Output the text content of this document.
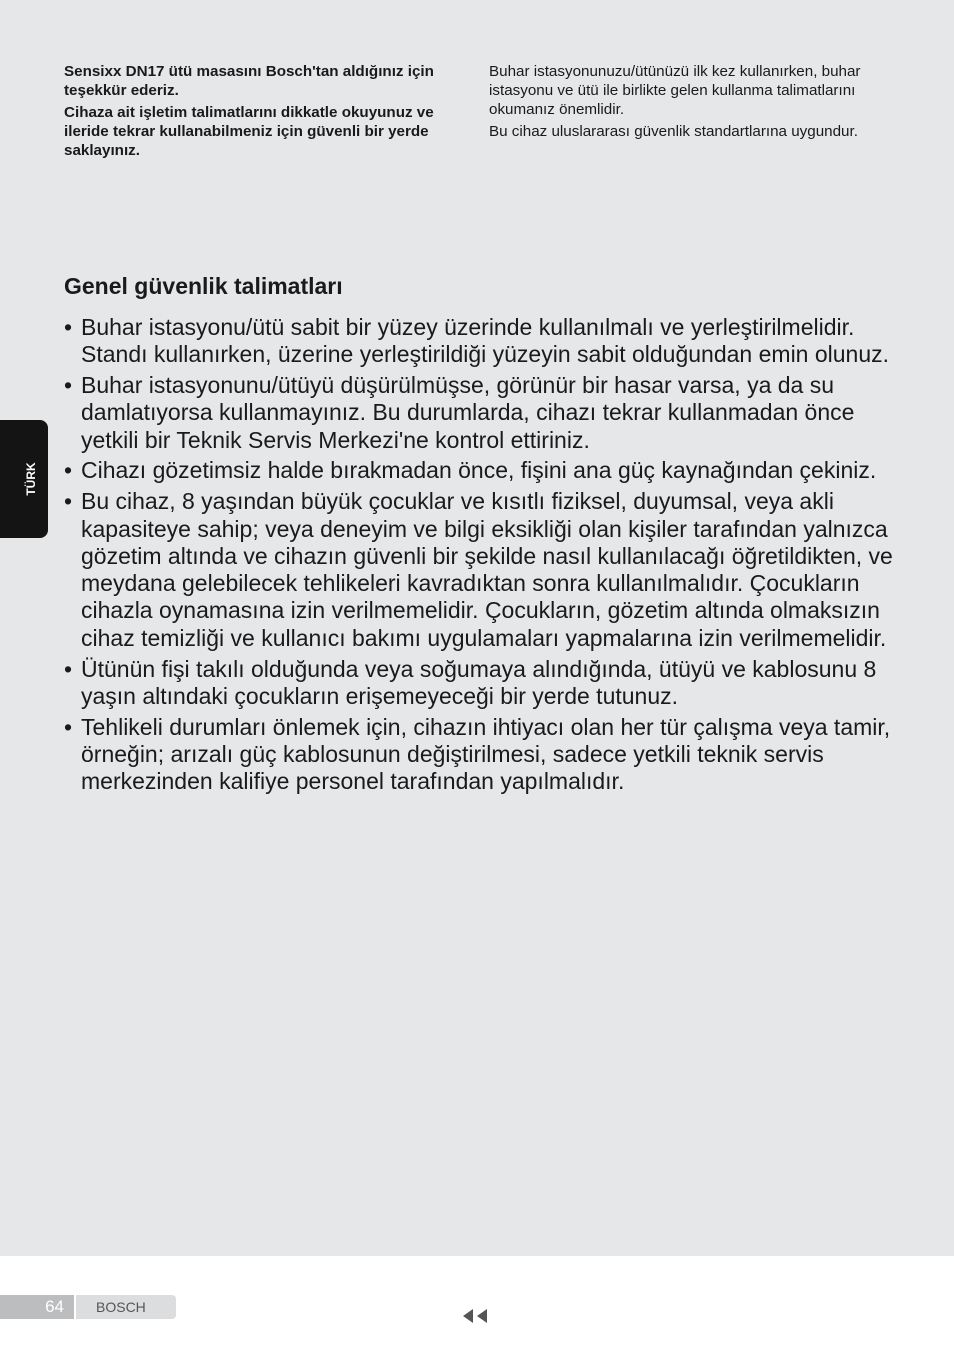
Sensixx DN17 ütü masasını Bosch'tan aldığınız için teşekkür ederiz.

Cihaza ait işletim talimatlarını dikkatle okuyunuz ve ileride tekrar kullanabilmeniz için güvenli bir yerde saklayınız.

Buhar istasyonunuzu/ütünüzü ilk kez kullanırken, buhar istasyonu ve ütü ile birlikte gelen kullanma talimatlarını okumanız önemlidir.

Bu cihaz uluslararası güvenlik standartlarına uygundur.

Genel güvenlik talimatları
• Buhar istasyonu/ütü sabit bir yüzey üzerinde kullanılmalı ve yerleştirilmelidir. Standı kullanırken, üzerine yerleştirildiği yüzeyin sabit olduğundan emin olunuz.
• Buhar istasyonunu/ütüyü düşürülmüşse, görünür bir hasar varsa, ya da su damlatıyorsa kullanmayınız. Bu durumlarda, cihazı tekrar kullanmadan önce yetkili bir Teknik Servis Merkezi'ne kontrol ettiriniz.
• Cihazı gözetimsiz halde bırakmadan önce, fişini ana güç kaynağından çekiniz.
• Bu cihaz, 8 yaşından büyük çocuklar ve kısıtlı fiziksel, duyumsal, veya akli kapasiteye sahip; veya deneyim ve bilgi eksikliği olan kişiler tarafından yalnızca gözetim altında ve cihazın güvenli bir şekilde nasıl kullanılacağı öğretildikten, ve meydana gelebilecek tehlikeleri kavradıktan sonra kullanılmalıdır. Çocukların cihazla oynamasına izin verilmemelidir. Çocukların, gözetim altında olmaksızın cihaz temizliği ve kullanıcı bakımı uygulamaları yapmalarına izin verilmemelidir.
• Ütünün fişi takılı olduğunda veya soğumaya alındığında, ütüyü ve kablosunu 8 yaşın altındaki çocukların erişemeyeceği bir yerde tutunuz.
• Tehlikeli durumları önlemek için, cihazın ihtiyacı olan her tür çalışma veya tamir, örneğin; arızalı güç kablosunun değiştirilmesi, sadece yetkili teknik servis merkezinden kalifiye personel tarafından yapılmalıdır.
TÜRK
64	BOSCH
